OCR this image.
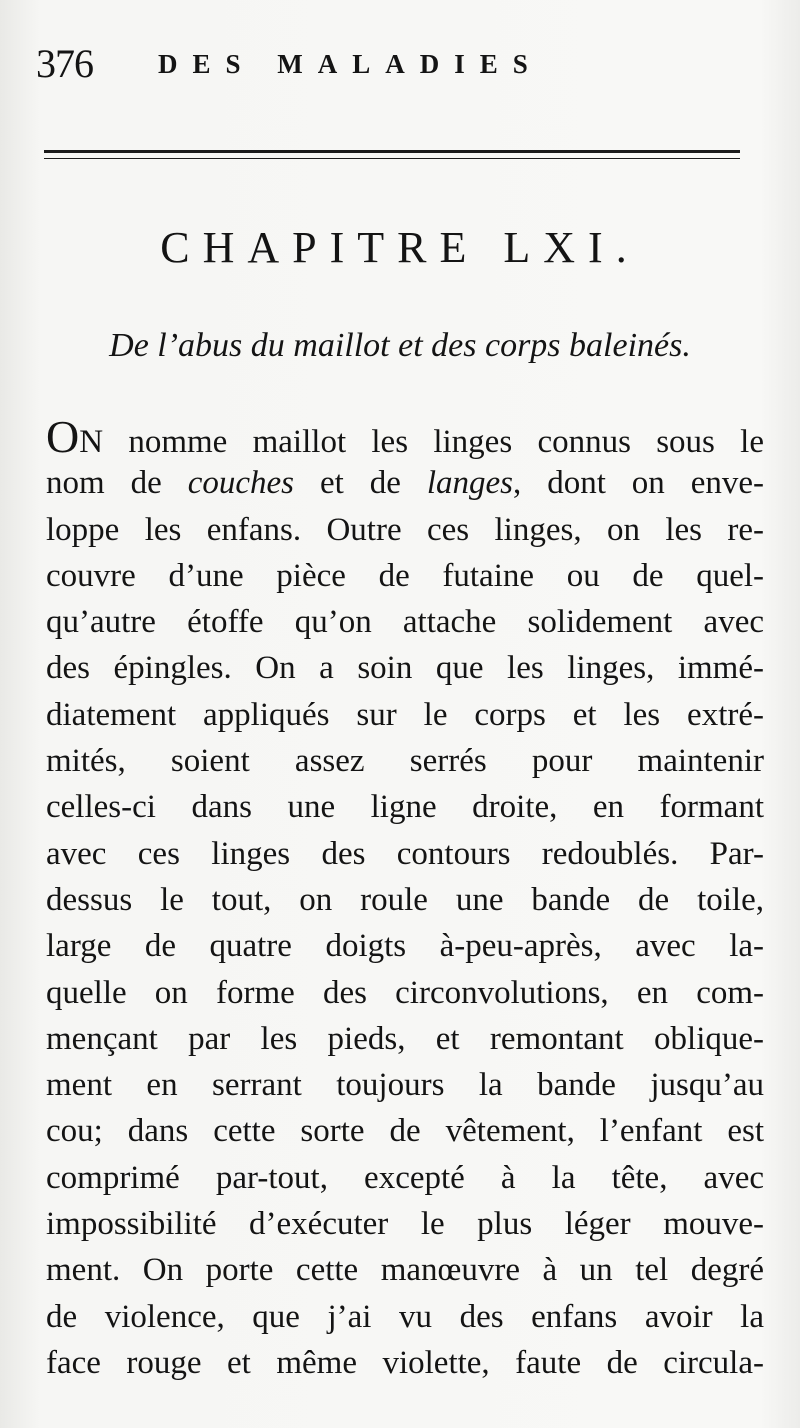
376 DES MALADIES
CHAPITRE LXI.
De l’abus du maillot et des corps baleinés.
ON nomme maillot les linges connus sous le
nom de couches et de langes, dont on enve-
loppe les enfans. Outre ces linges, on les re-
couvre d’une pièce de futaine ou de quel-
qu’autre étoffe qu’on attache solidement avec
des épingles. On a soin que les linges, immé-
diatement appliqués sur le corps et les extré-
mités, soient assez serrés pour maintenir
celles-ci dans une ligne droite, en formant
avec ces linges des contours redoublés. Par-
dessus le tout, on roule une bande de toile,
large de quatre doigts à-peu-après, avec la-
quelle on forme des circonvolutions, en com-
mençant par les pieds, et remontant oblique-
ment en serrant toujours la bande jusqu’au
cou; dans cette sorte de vêtement, l’enfant est
comprimé par-tout, excepté à la tête, avec
impossibilité d’exécuter le plus léger mouve-
ment. On porte cette manœuvre à un tel degré
de violence, que j’ai vu des enfans avoir la
face rouge et même violette, faute de circula-
